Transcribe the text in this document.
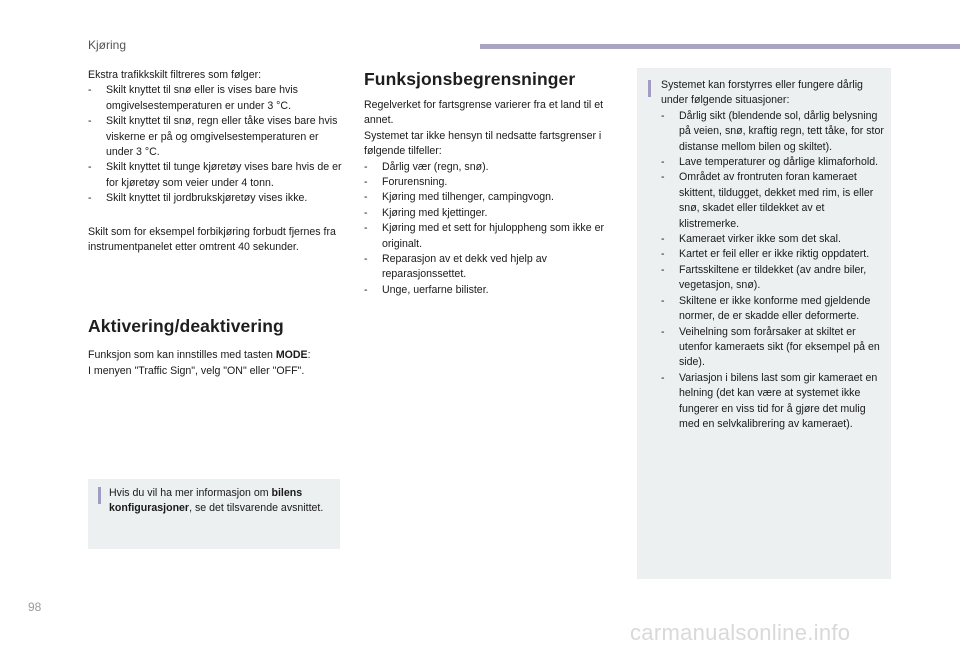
Kjøring

Ekstra trafikkskilt filtreres som følger:

- Skilt knyttet til snø eller is vises bare hvis omgivelsestemperaturen er under 3 °C.
- Skilt knyttet til snø, regn eller tåke vises bare hvis viskerne er på og omgivelsestemperaturen er under 3 °C.
- Skilt knyttet til tunge kjøretøy vises bare hvis de er for kjøretøy som veier under 4 tonn.
- Skilt knyttet til jordbrukskjøretøy vises ikke.

Skilt som for eksempel forbikjøring forbudt fjernes fra instrumentpanelet etter omtrent 40 sekunder.

Aktivering/deaktivering

Funksjon som kan innstilles med tasten MODE:

I menyen "Traffic Sign", velg "ON" eller "OFF".

Hvis du vil ha mer informasjon om bilens konfigurasjoner, se det tilsvarende avsnittet.
Funksjonsbegrensninger

Regelverket for fartsgrense varierer fra et land til et annet.

Systemet tar ikke hensyn til nedsatte fartsgrenser i følgende tilfeller:

- Dårlig vær (regn, snø).
- Forurensning.
- Kjøring med tilhenger, campingvogn.
- Kjøring med kjettinger.
- Kjøring med et sett for hjuloppheng som ikke er originalt.
- Reparasjon av et dekk ved hjelp av reparasjonssettet.
- Unge, uerfarne bilister.

Systemet kan forstyrres eller fungere dårlig under følgende situasjoner:

- Dårlig sikt (blendende sol, dårlig belysning på veien, snø, kraftig regn, tett tåke, for stor distanse mellom bilen og skiltet).
- Lave temperaturer og dårlige klimaforhold.
- Området av frontruten foran kameraet skittent, tildugget, dekket med rim, is eller snø, skadet eller tildekket av et klistremerke.
- Kameraet virker ikke som det skal.
- Kartet er feil eller er ikke riktig oppdatert.
- Fartsskiltene er tildekket (av andre biler, vegetasjon, snø).
- Skiltene er ikke konforme med gjeldende normer, de er skadde eller deformerte.
- Veihelning som forårsaker at skiltet er utenfor kameraets sikt (for eksempel på en side).
- Variasjon i bilens last som gir kameraet en helning (det kan være at systemet ikke fungerer en viss tid for å gjøre det mulig med en selvkalibrering av kameraet).
98
carmanualsonline.info
